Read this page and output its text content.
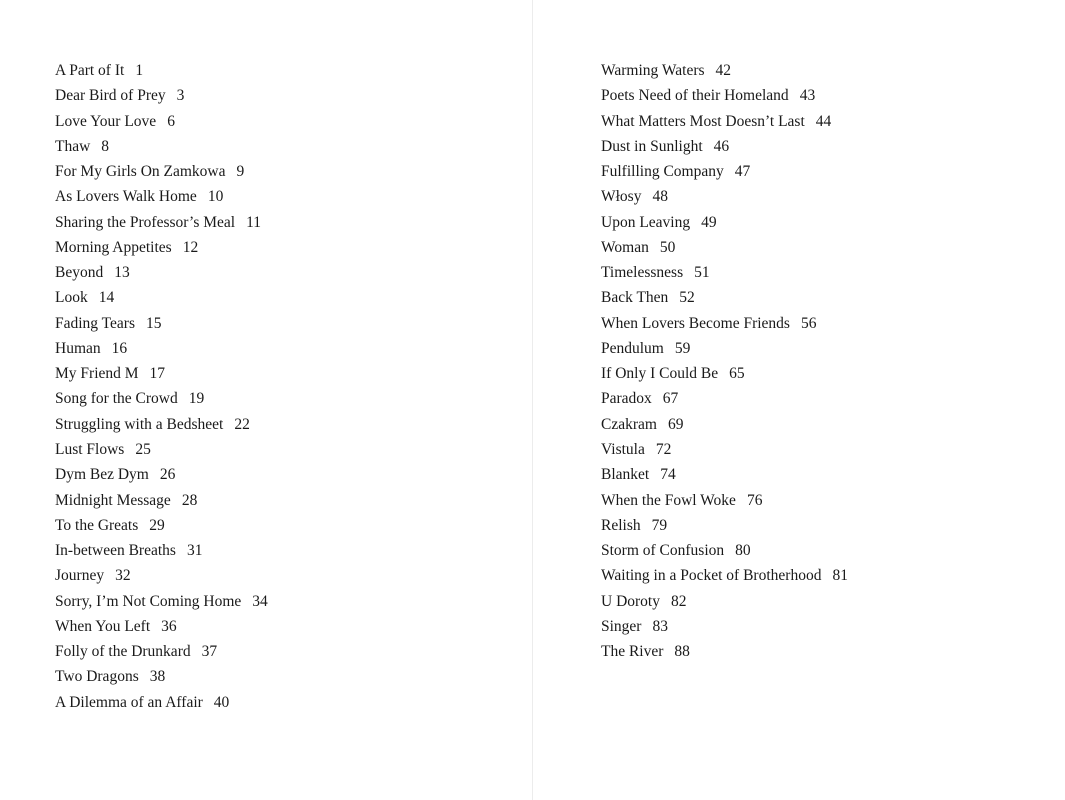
A Part of It 1
Dear Bird of Prey 3
Love Your Love 6
Thaw 8
For My Girls On Zamkowa 9
As Lovers Walk Home 10
Sharing the Professor’s Meal 11
Morning Appetites 12
Beyond 13
Look 14
Fading Tears 15
Human 16
My Friend M 17
Song for the Crowd 19
Struggling with a Bedsheet 22
Lust Flows 25
Dym Bez Dym 26
Midnight Message 28
To the Greats 29
In-between Breaths 31
Journey 32
Sorry, I’m Not Coming Home 34
When You Left 36
Folly of the Drunkard 37
Two Dragons 38
A Dilemma of an Affair 40
Warming Waters 42
Poets Need of their Homeland 43
What Matters Most Doesn’t Last 44
Dust in Sunlight 46
Fulfilling Company 47
Włosy 48
Upon Leaving 49
Woman 50
Timelessness 51
Back Then 52
When Lovers Become Friends 56
Pendulum 59
If Only I Could Be 65
Paradox 67
Czakram 69
Vistula 72
Blanket 74
When the Fowl Woke 76
Relish 79
Storm of Confusion 80
Waiting in a Pocket of Brotherhood 81
U Doroty 82
Singer 83
The River 88
